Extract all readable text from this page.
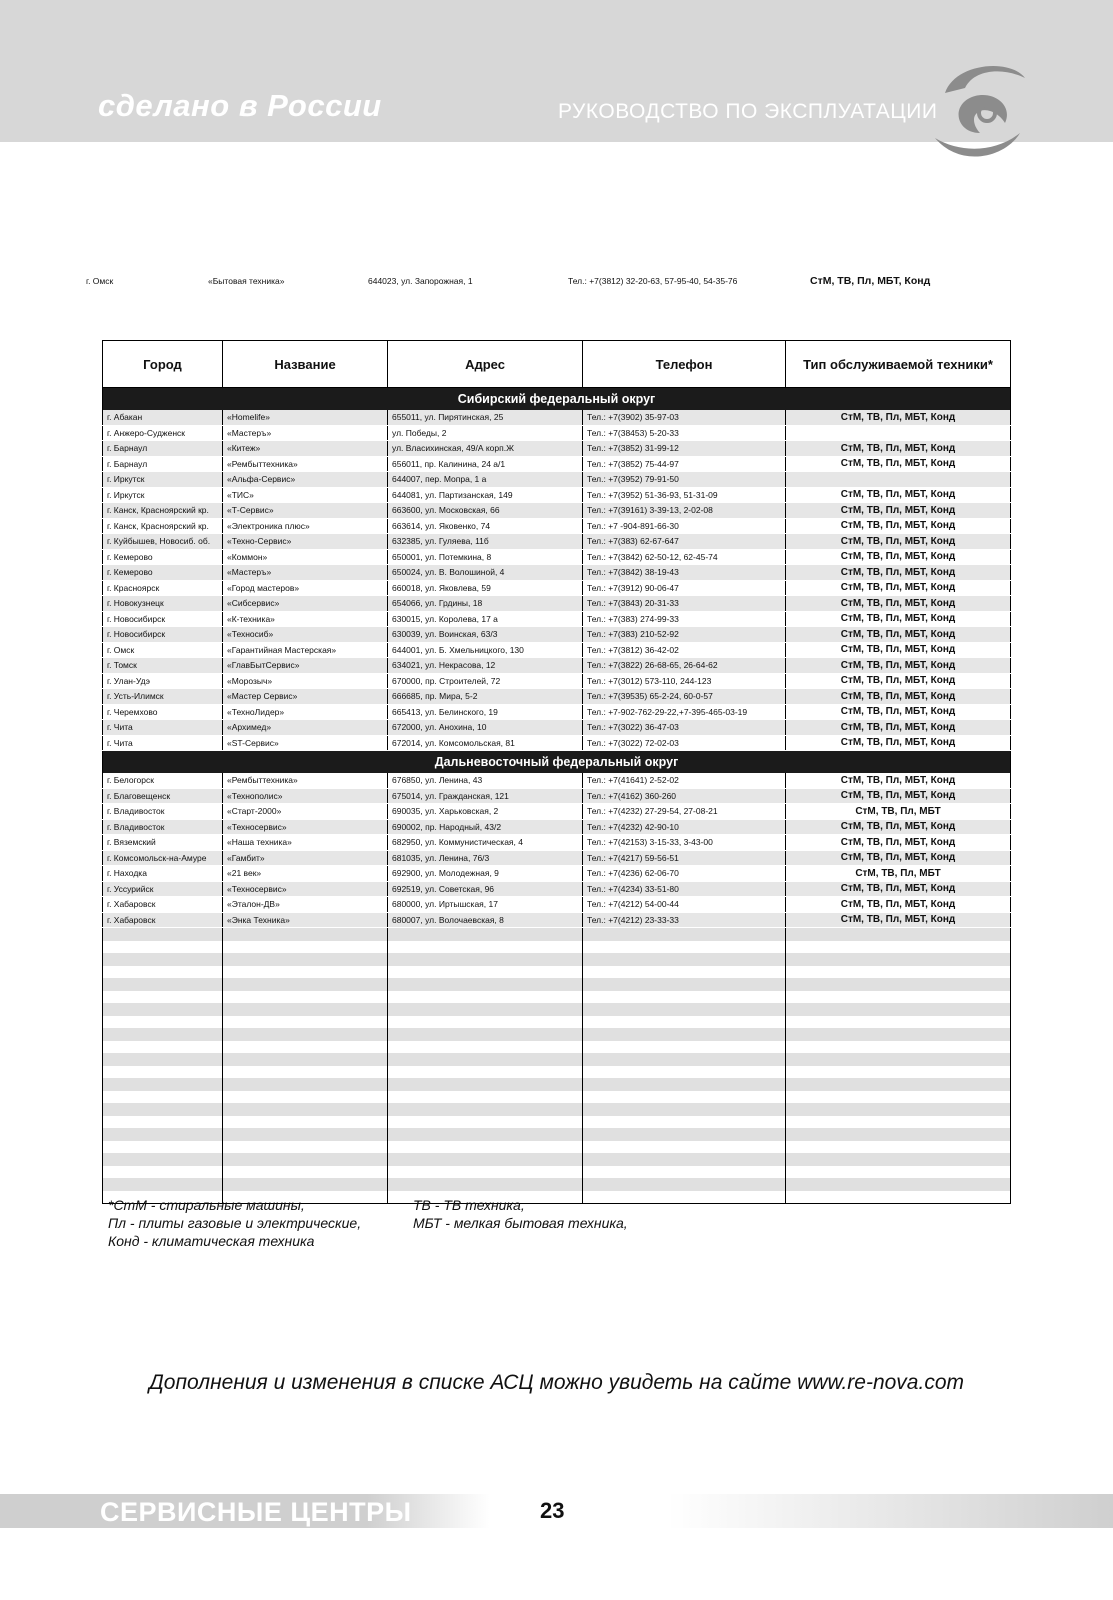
сделано в России	РУКОВОДСТВО ПО ЭКСПЛУАТАЦИИ
г. Омск	«Бытовая техника»	644023, ул. Запорожная, 1	Тел.: +7(3812) 32-20-63, 57-95-40, 54-35-76	СтМ, ТВ, Пл, МБТ, Конд
Город	Название	Адрес	Телефон	Тип обслуживаемой техники*
Сибирский федеральный округ				
г. Абакан	«Homelife»	655011, ул. Пирятинская, 25	Тел.: +7(3902) 35-97-03	СтМ, ТВ, Пл, МБТ, Конд
г. Анжеро-Судженск	«Мастеръ»	ул. Победы, 2	Тел.: +7(38453) 5-20-33	
г. Барнаул	«Китеж»	ул. Власихинская, 49/А корп.Ж	Тел.: +7(3852) 31-99-12	СтМ, ТВ, Пл, МБТ, Конд
г. Барнаул	«Рембыттехника»	656011, пр. Калинина, 24 а/1	Тел.: +7(3852) 75-44-97	СтМ, ТВ, Пл, МБТ, Конд
г. Иркутск	«Альфа-Сервис»	644007, пер. Мопра, 1 а	Тел.: +7(3952) 79-91-50	
г. Иркутск	«ТИС»	644081, ул. Партизанская, 149	Тел.: +7(3952) 51-36-93, 51-31-09	СтМ, ТВ, Пл, МБТ, Конд
г. Канск, Красноярский кр.	«Т-Сервис»	663600, ул. Московская, 66	Тел.: +7(39161) 3-39-13, 2-02-08	СтМ, ТВ, Пл, МБТ, Конд
г. Канск, Красноярский кр.	«Электроника плюс»	663614, ул. Яковенко, 74	Тел.: +7 -904-891-66-30	СтМ, ТВ, Пл, МБТ, Конд
г. Куйбышев, Новосиб. об.	«Техно-Сервис»	632385, ул. Гуляева, 11б	Тел.: +7(383) 62-67-647	СтМ, ТВ, Пл, МБТ, Конд
г. Кемерово	«Коммон»	650001, ул. Потемкина, 8	Тел.: +7(3842) 62-50-12, 62-45-74	СтМ, ТВ, Пл, МБТ, Конд
г. Кемерово	«Мастеръ»	650024, ул. В. Волошиной, 4	Тел.: +7(3842) 38-19-43	СтМ, ТВ, Пл, МБТ, Конд
г. Красноярск	«Город мастеров»	660018, ул. Яковлева, 59	Тел.: +7(3912) 90-06-47	СтМ, ТВ, Пл, МБТ, Конд
г. Новокузнецк	«Сибсервис»	654066, ул. Грдины, 18	Тел.: +7(3843) 20-31-33	СтМ, ТВ, Пл, МБТ, Конд
г. Новосибирск	«К-техника»	630015, ул. Королева, 17 а	Тел.: +7(383) 274-99-33	СтМ, ТВ, Пл, МБТ, Конд
г. Новосибирск	«Техносиб»	630039, ул. Воинская, 63/3	Тел.: +7(383) 210-52-92	СтМ, ТВ, Пл, МБТ, Конд
г. Омск	«Гарантийная Мастерская»	644001, ул. Б. Хмельницкого, 130	Тел.: +7(3812) 36-42-02	СтМ, ТВ, Пл, МБТ, Конд
г. Томск	«ГлавБытСервис»	634021, ул. Некрасова, 12	Тел.: +7(3822) 26-68-65, 26-64-62	СтМ, ТВ, Пл, МБТ, Конд
г. Улан-Удэ	«Морозыч»	670000, пр. Строителей, 72	Тел.: +7(3012) 573-110, 244-123	СтМ, ТВ, Пл, МБТ, Конд
г. Усть-Илимск	«Мастер Сервис»	666685, пр. Мира, 5-2	Тел.: +7(39535) 65-2-24, 60-0-57	СтМ, ТВ, Пл, МБТ, Конд
г. Черемхово	«ТехноЛидер»	665413, ул. Белинского, 19	Тел.: +7-902-762-29-22,+7-395-465-03-19	СтМ, ТВ, Пл, МБТ, Конд
г. Чита	«Архимед»	672000, ул. Анохина, 10	Тел.: +7(3022) 36-47-03	СтМ, ТВ, Пл, МБТ, Конд
г. Чита	«ST-Сервис»	672014, ул. Комсомольская, 81	Тел.: +7(3022) 72-02-03	СтМ, ТВ, Пл, МБТ, Конд
Дальневосточный федеральный округ				
г. Белогорск	«Рембыттехника»	676850, ул. Ленина, 43	Тел.: +7(41641) 2-52-02	СтМ, ТВ, Пл, МБТ, Конд
г. Благовещенск	«Технополис»	675014, ул. Гражданская, 121	Тел.: +7(4162) 360-260	СтМ, ТВ, Пл, МБТ, Конд
г. Владивосток	«Старт-2000»	690035, ул. Харьковская, 2	Тел.: +7(4232) 27-29-54, 27-08-21	СтМ, ТВ, Пл, МБТ
г. Владивосток	«Техносервис»	690002, пр. Народный, 43/2	Тел.: +7(4232) 42-90-10	СтМ, ТВ, Пл, МБТ, Конд
г. Вяземский	«Наша техника»	682950, ул. Коммунистическая, 4	Тел.: +7(42153) 3-15-33, 3-43-00	СтМ, ТВ, Пл, МБТ, Конд
г. Комсомольск-на-Амуре	«Гамбит»	681035, ул. Ленина, 76/3	Тел.: +7(4217) 59-56-51	СтМ, ТВ, Пл, МБТ, Конд
г. Находка	«21 век»	692900, ул. Молодежная, 9	Тел.: +7(4236) 62-06-70	СтМ, ТВ, Пл, МБТ
г. Уссурийск	«Техносервис»	692519, ул. Советская, 96	Тел.: +7(4234) 33-51-80	СтМ, ТВ, Пл, МБТ, Конд
г. Хабаровск	«Эталон-ДВ»	680000, ул. Иртышская, 17	Тел.: +7(4212) 54-00-44	СтМ, ТВ, Пл, МБТ, Конд
г. Хабаровск	«Энка Техника»	680007, ул. Волочаевская, 8	Тел.: +7(4212) 23-33-33	СтМ, ТВ, Пл, МБТ, Конд

*СтМ - стиральные машины,
Пл - плиты газовые и электрические,
Конд - климатическая техника
ТВ - ТВ техника,
МБТ - мелкая бытовая техника,
Дополнения и изменения в списке АСЦ можно увидеть на сайте www.re-nova.com
СЕРВИСНЫЕ ЦЕНТРЫ	23
